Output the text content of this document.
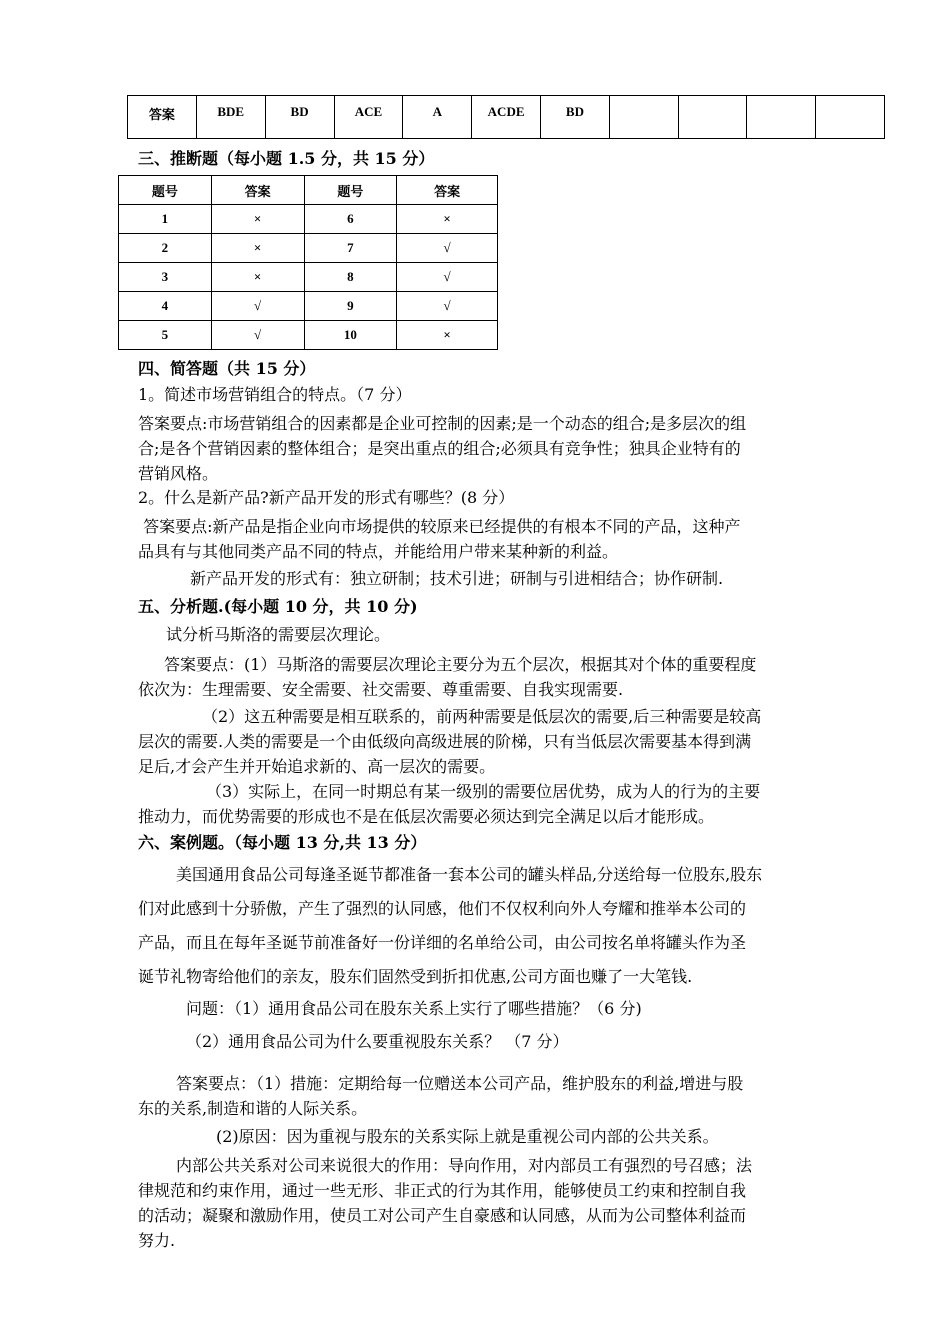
答案	BDE	BD	ACE	A	ACDE	BD				
三、推断题（每小题 1.5 分，共 15 分）
题号	答案	题号	答案
1	×	6	×
2	×	7	√
3	×	8	√
4	√	9	√
5	√	10	×
四、简答题（共 15 分）
1。简述市场营销组合的特点。（7 分）
答案要点:市场营销组合的因素都是企业可控制的因素;是一个动态的组合;是多层次的组
合;是各个营销因素的整体组合；是突出重点的组合;必须具有竞争性；独具企业特有的
营销风格。
2。什么是新产品?新产品开发的形式有哪些？(8 分）
答案要点:新产品是指企业向市场提供的较原来已经提供的有根本不同的产品，这种产
品具有与其他同类产品不同的特点，并能给用户带来某种新的利益。
新产品开发的形式有：独立研制；技术引进；研制与引进相结合；协作研制.
五、分析题.(每小题 10 分，共 10 分)
试分析马斯洛的需要层次理论。
答案要点：(1）马斯洛的需要层次理论主要分为五个层次，根据其对个体的重要程度
依次为：生理需要、安全需要、社交需要、尊重需要、自我实现需要.
（2）这五种需要是相互联系的，前两种需要是低层次的需要,后三种需要是较高
层次的需要.人类的需要是一个由低级向高级进展的阶梯，只有当低层次需要基本得到满
足后,才会产生并开始追求新的、高一层次的需要。
（3）实际上，在同一时期总有某一级别的需要位居优势，成为人的行为的主要
推动力，而优势需要的形成也不是在低层次需要必须达到完全满足以后才能形成。
六、案例题。（每小题 13 分,共 13 分）
美国通用食品公司每逢圣诞节都准备一套本公司的罐头样品,分送给每一位股东,股东
们对此感到十分骄傲，产生了强烈的认同感，他们不仅权利向外人夸耀和推举本公司的
产品，而且在每年圣诞节前准备好一份详细的名单给公司，由公司按名单将罐头作为圣
诞节礼物寄给他们的亲友，股东们固然受到折扣优惠,公司方面也赚了一大笔钱.
问题：（1）通用食品公司在股东关系上实行了哪些措施？（6 分)
（2）通用食品公司为什么要重视股东关系？ （7 分）
答案要点：（1）措施：定期给每一位赠送本公司产品，维护股东的利益,增进与股
东的关系,制造和谐的人际关系。
(2)原因：因为重视与股东的关系实际上就是重视公司内部的公共关系。
内部公共关系对公司来说很大的作用：导向作用，对内部员工有强烈的号召感；法
律规范和约束作用，通过一些无形、非正式的行为其作用，能够使员工约束和控制自我
的活动；凝聚和激励作用，使员工对公司产生自豪感和认同感，从而为公司整体利益而
努力.
